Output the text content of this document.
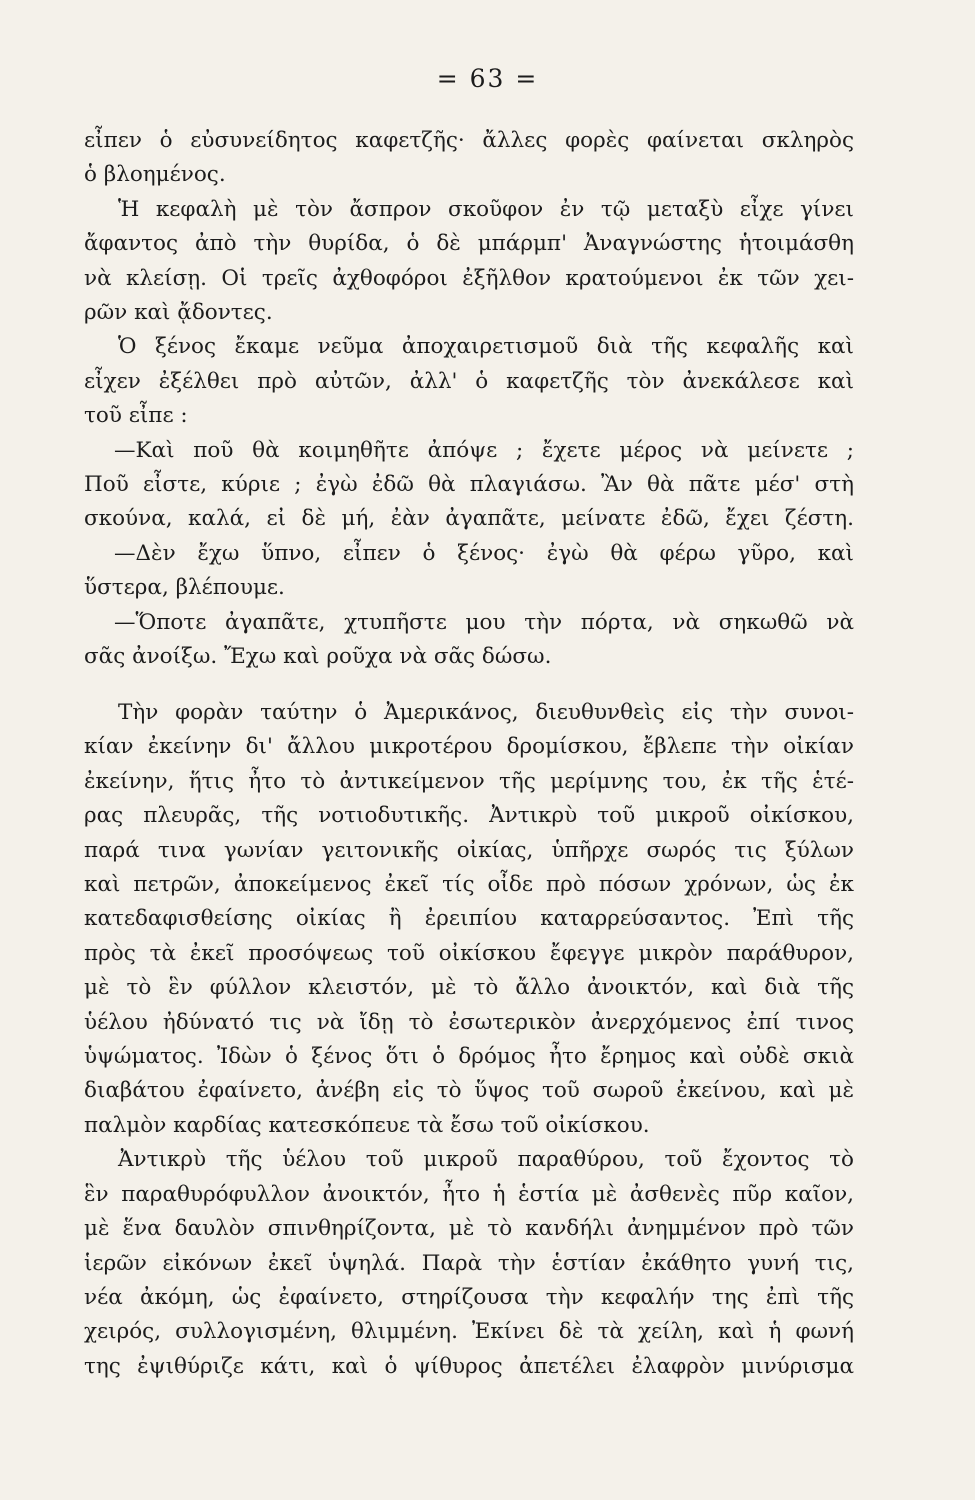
= 63 =
εἶπεν ὁ εὐσυνείδητος καφετζῆς· ἄλλες φορὲς φαίνεται σκληρὸς
ὁ βλοημένος.
Ἡ κεφαλὴ μὲ τὸν ἄσπρον σκοῦφον ἐν τῷ μεταξὺ εἶχε γίνει
ἄφαντος ἀπὸ τὴν θυρίδα, ὁ δὲ μπάρμπ' Ἀναγνώστης ἡτοιμάσθη
νὰ κλείσῃ. Οἱ τρεῖς ἀχθοφόροι ἐξῆλθον κρατούμενοι ἐκ τῶν χει-
ρῶν καὶ ᾄδοντες.
Ὁ ξένος ἔκαμε νεῦμα ἀποχαιρετισμοῦ διὰ τῆς κεφαλῆς καὶ
εἶχεν ἐξέλθει πρὸ αὐτῶν, ἀλλ' ὁ καφετζῆς τὸν ἀνεκάλεσε καὶ
τοῦ εἶπε :
—Καὶ ποῦ θὰ κοιμηθῆτε ἀπόψε ; ἔχετε μέρος νὰ μείνετε ;
Ποῦ εἶστε, κύριε ; ἐγὼ ἐδῶ θὰ πλαγιάσω. Ἂν θὰ πᾶτε μέσ' στὴ
σκούνα, καλά, εἰ δὲ μή, ἐὰν ἀγαπᾶτε, μείνατε ἐδῶ, ἔχει ζέστη.
—Δὲν ἔχω ὕπνο, εἶπεν ὁ ξένος· ἐγὼ θὰ φέρω γῦρο, καὶ
ὕστερα, βλέπουμε.
—Ὅποτε ἀγαπᾶτε, χτυπῆστε μου τὴν πόρτα, νὰ σηκωθῶ νὰ
σᾶς ἀνοίξω. Ἔχω καὶ ροῦχα νὰ σᾶς δώσω.
Τὴν φορὰν ταύτην ὁ Ἀμερικάνος, διευθυνθεὶς εἰς τὴν συνοι-
κίαν ἐκείνην δι' ἄλλου μικροτέρου δρομίσκου, ἔβλεπε τὴν οἰκίαν
ἐκείνην, ἥτις ἦτο τὸ ἀντικείμενον τῆς μερίμνης του, ἐκ τῆς ἑτέ-
ρας πλευρᾶς, τῆς νοτιοδυτικῆς. Ἀντικρὺ τοῦ μικροῦ οἰκίσκου,
παρά τινα γωνίαν γειτονικῆς οἰκίας, ὑπῆρχε σωρός τις ξύλων
καὶ πετρῶν, ἀποκείμενος ἐκεῖ τίς οἶδε πρὸ πόσων χρόνων, ὡς ἐκ
κατεδαφισθείσης οἰκίας ἢ ἐρειπίου καταρρεύσαντος. Ἐπὶ τῆς
πρὸς τὰ ἐκεῖ προσόψεως τοῦ οἰκίσκου ἔφεγγε μικρὸν παράθυρον,
μὲ τὸ ἓν φύλλον κλειστόν, μὲ τὸ ἄλλο ἀνοικτόν, καὶ διὰ τῆς
ὑέλου ἠδύνατό τις νὰ ἴδῃ τὸ ἐσωτερικὸν ἀνερχόμενος ἐπί τινος
ὑψώματος. Ἰδὼν ὁ ξένος ὅτι ὁ δρόμος ἦτο ἔρημος καὶ οὐδὲ σκιὰ
διαβάτου ἐφαίνετο, ἀνέβη εἰς τὸ ὕψος τοῦ σωροῦ ἐκείνου, καὶ μὲ
παλμὸν καρδίας κατεσκόπευε τὰ ἔσω τοῦ οἰκίσκου.
Ἀντικρὺ τῆς ὑέλου τοῦ μικροῦ παραθύρου, τοῦ ἔχοντος τὸ
ἓν παραθυρόφυλλον ἀνοικτόν, ἦτο ἡ ἑστία μὲ ἀσθενὲς πῦρ καῖον,
μὲ ἕνα δαυλὸν σπινθηρίζοντα, μὲ τὸ κανδήλι ἀνημμένον πρὸ τῶν
ἱερῶν εἰκόνων ἐκεῖ ὑψηλά. Παρὰ τὴν ἑστίαν ἐκάθητο γυνή τις,
νέα ἀκόμη, ὡς ἐφαίνετο, στηρίζουσα τὴν κεφαλήν της ἐπὶ τῆς
χειρός, συλλογισμένη, θλιμμένη. Ἐκίνει δὲ τὰ χείλη, καὶ ἡ φωνή
της ἐψιθύριζε κάτι, καὶ ὁ ψίθυρος ἀπετέλει ἐλαφρὸν μινύρισμα
